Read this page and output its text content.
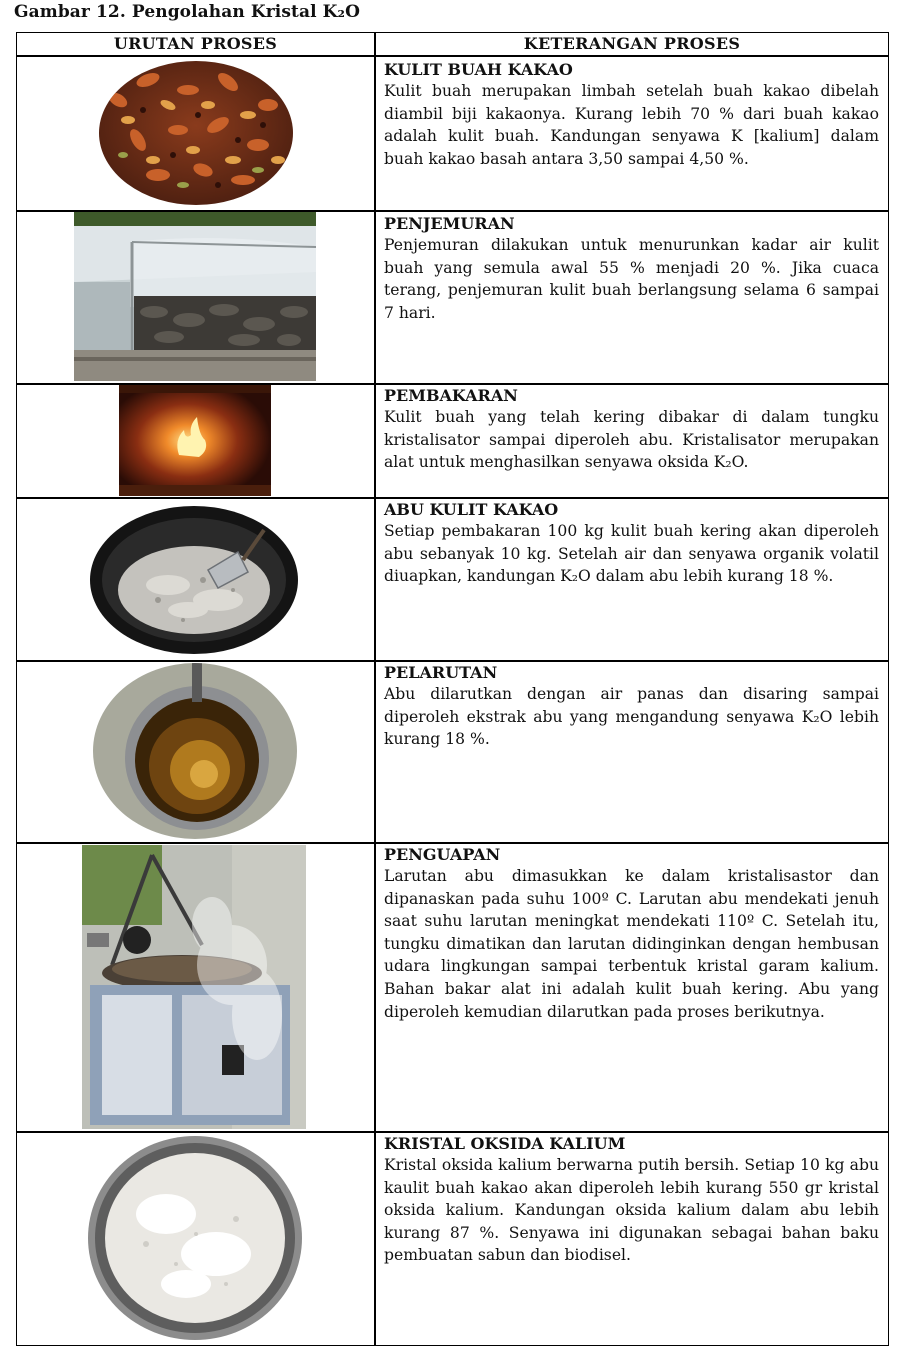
Gambar 12. Pengolahan Kristal K₂O
URUTAN PROSES	KETERANGAN PROSES
KULIT BUAH KAKAO
Kulit buah merupakan limbah setelah buah kakao dibelah diambil biji kakaonya. Kurang lebih 70 % dari buah kakao adalah kulit buah. Kandungan senyawa K [kalium] dalam buah kakao basah antara 3,50 sampai 4,50 %.
PENJEMURAN
Penjemuran dilakukan untuk menurunkan kadar air kulit buah yang semula awal 55 % menjadi 20 %. Jika cuaca terang, penjemuran kulit buah berlangsung selama 6 sampai 7 hari.
PEMBAKARAN
Kulit buah yang telah kering dibakar di dalam tungku kristalisator sampai diperoleh abu. Kristalisator merupakan alat untuk menghasilkan senyawa oksida K₂O.
ABU KULIT KAKAO
Setiap pembakaran 100 kg kulit buah kering akan diperoleh abu sebanyak 10 kg. Setelah air dan senyawa organik volatil diuapkan, kandungan K₂O dalam abu lebih kurang 18 %.
PELARUTAN
Abu dilarutkan dengan air panas dan disaring sampai diperoleh ekstrak abu yang mengandung senyawa K₂O lebih kurang 18 %.
PENGUAPAN
Larutan abu dimasukkan ke dalam kristalisastor dan dipanaskan pada suhu 100º C. Larutan abu mendekati jenuh saat suhu larutan meningkat mendekati 110º C. Setelah itu, tungku dimatikan dan larutan didinginkan dengan hembusan udara lingkungan sampai terbentuk kristal garam kalium. Bahan bakar alat ini adalah kulit buah kering. Abu yang diperoleh kemudian dilarutkan pada proses berikutnya.
KRISTAL OKSIDA KALIUM
Kristal oksida kalium berwarna putih bersih. Setiap 10 kg abu kaulit buah kakao akan diperoleh lebih kurang 550 gr kristal oksida kalium. Kandungan oksida kalium dalam abu lebih kurang 87 %. Senyawa ini digunakan sebagai bahan baku pembuatan sabun dan biodisel.
